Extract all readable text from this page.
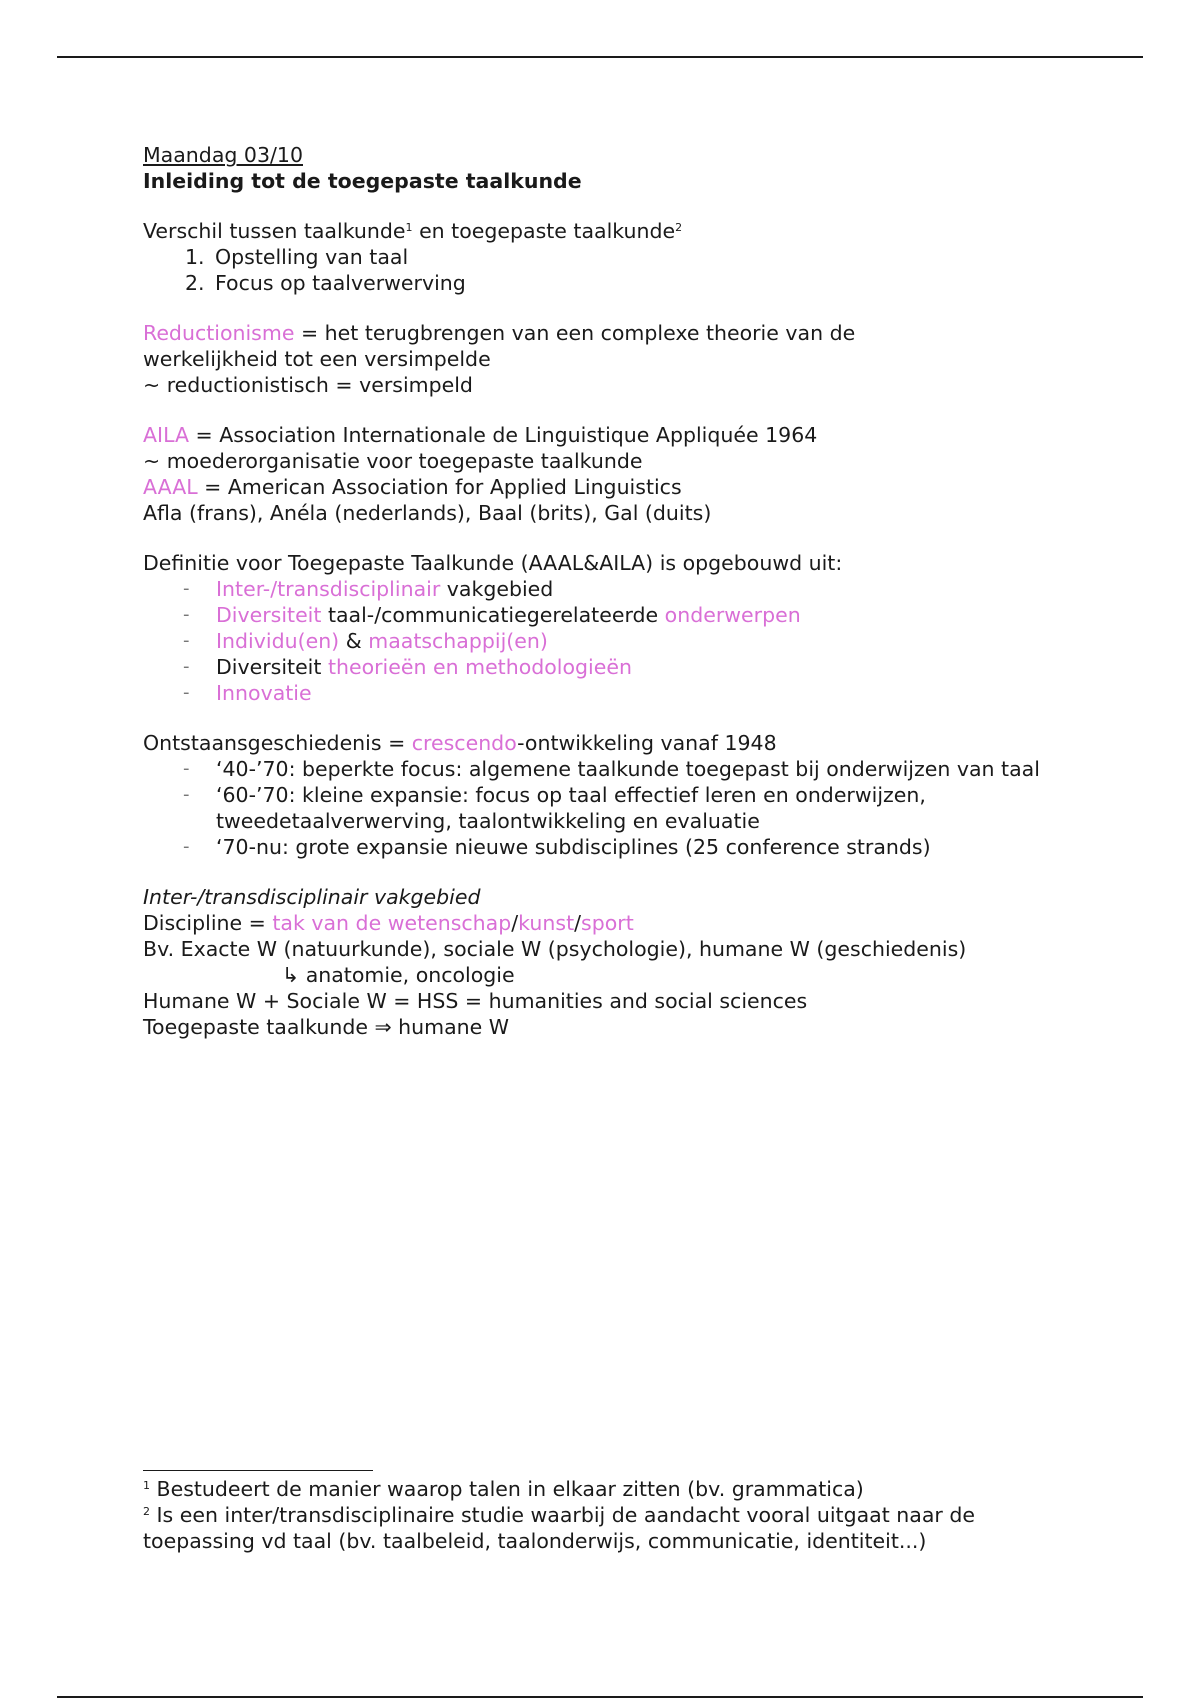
Maandag 03/10
Inleiding tot de toegepaste taalkunde
Verschil tussen taalkunde$^1$ en toegepaste taalkunde$^2$
1. Opstelling van taal
2. Focus op taalverwerving
Reductionisme = het terugbrengen van een complexe theorie van de
werkelijkheid tot een versimpelde
~ reductionistisch = versimpeld
AILA = Association Internationale de Linguistique Appliquée 1964
~ moederorganisatie voor toegepaste taalkunde
AAAL = American Association for Applied Linguistics
Afla (frans), Anéla (nederlands), Baal (brits), Gal (duits)
Definitie voor Toegepaste Taalkunde (AAAL&AILA) is opgebouwd uit:
-	Inter-/transdisciplinair vakgebied
-	Diversiteit taal-/communicatiegerelateerde onderwerpen
-	Individu(en) & maatschappij(en)
-	Diversiteit theorieën en methodologieën
-	Innovatie
Ontstaansgeschiedenis = crescendo-ontwikkeling vanaf 1948
-	‘40-’70: beperkte focus: algemene taalkunde toegepast bij onderwijzen van taal
-	‘60-’70: kleine expansie: focus op taal effectief leren en onderwijzen, tweedetaalverwerving, taalontwikkeling en evaluatie
-	‘70-nu: grote expansie nieuwe subdisciplines (25 conference strands)
Inter-/transdisciplinair vakgebied
Discipline = tak van de wetenschap/kunst/sport
Bv. Exacte W (natuurkunde), sociale W (psychologie), humane W (geschiedenis)
↳ anatomie, oncologie
Humane W + Sociale W = HSS = humanities and social sciences
Toegepaste taalkunde ⇒ humane W
$^1$ Bestudeert de manier waarop talen in elkaar zitten (bv. grammatica)
$^2$ Is een inter/transdisciplinaire studie waarbij de aandacht vooral uitgaat naar de toepassing vd taal (bv. taalbeleid, taalonderwijs, communicatie, identiteit...)
